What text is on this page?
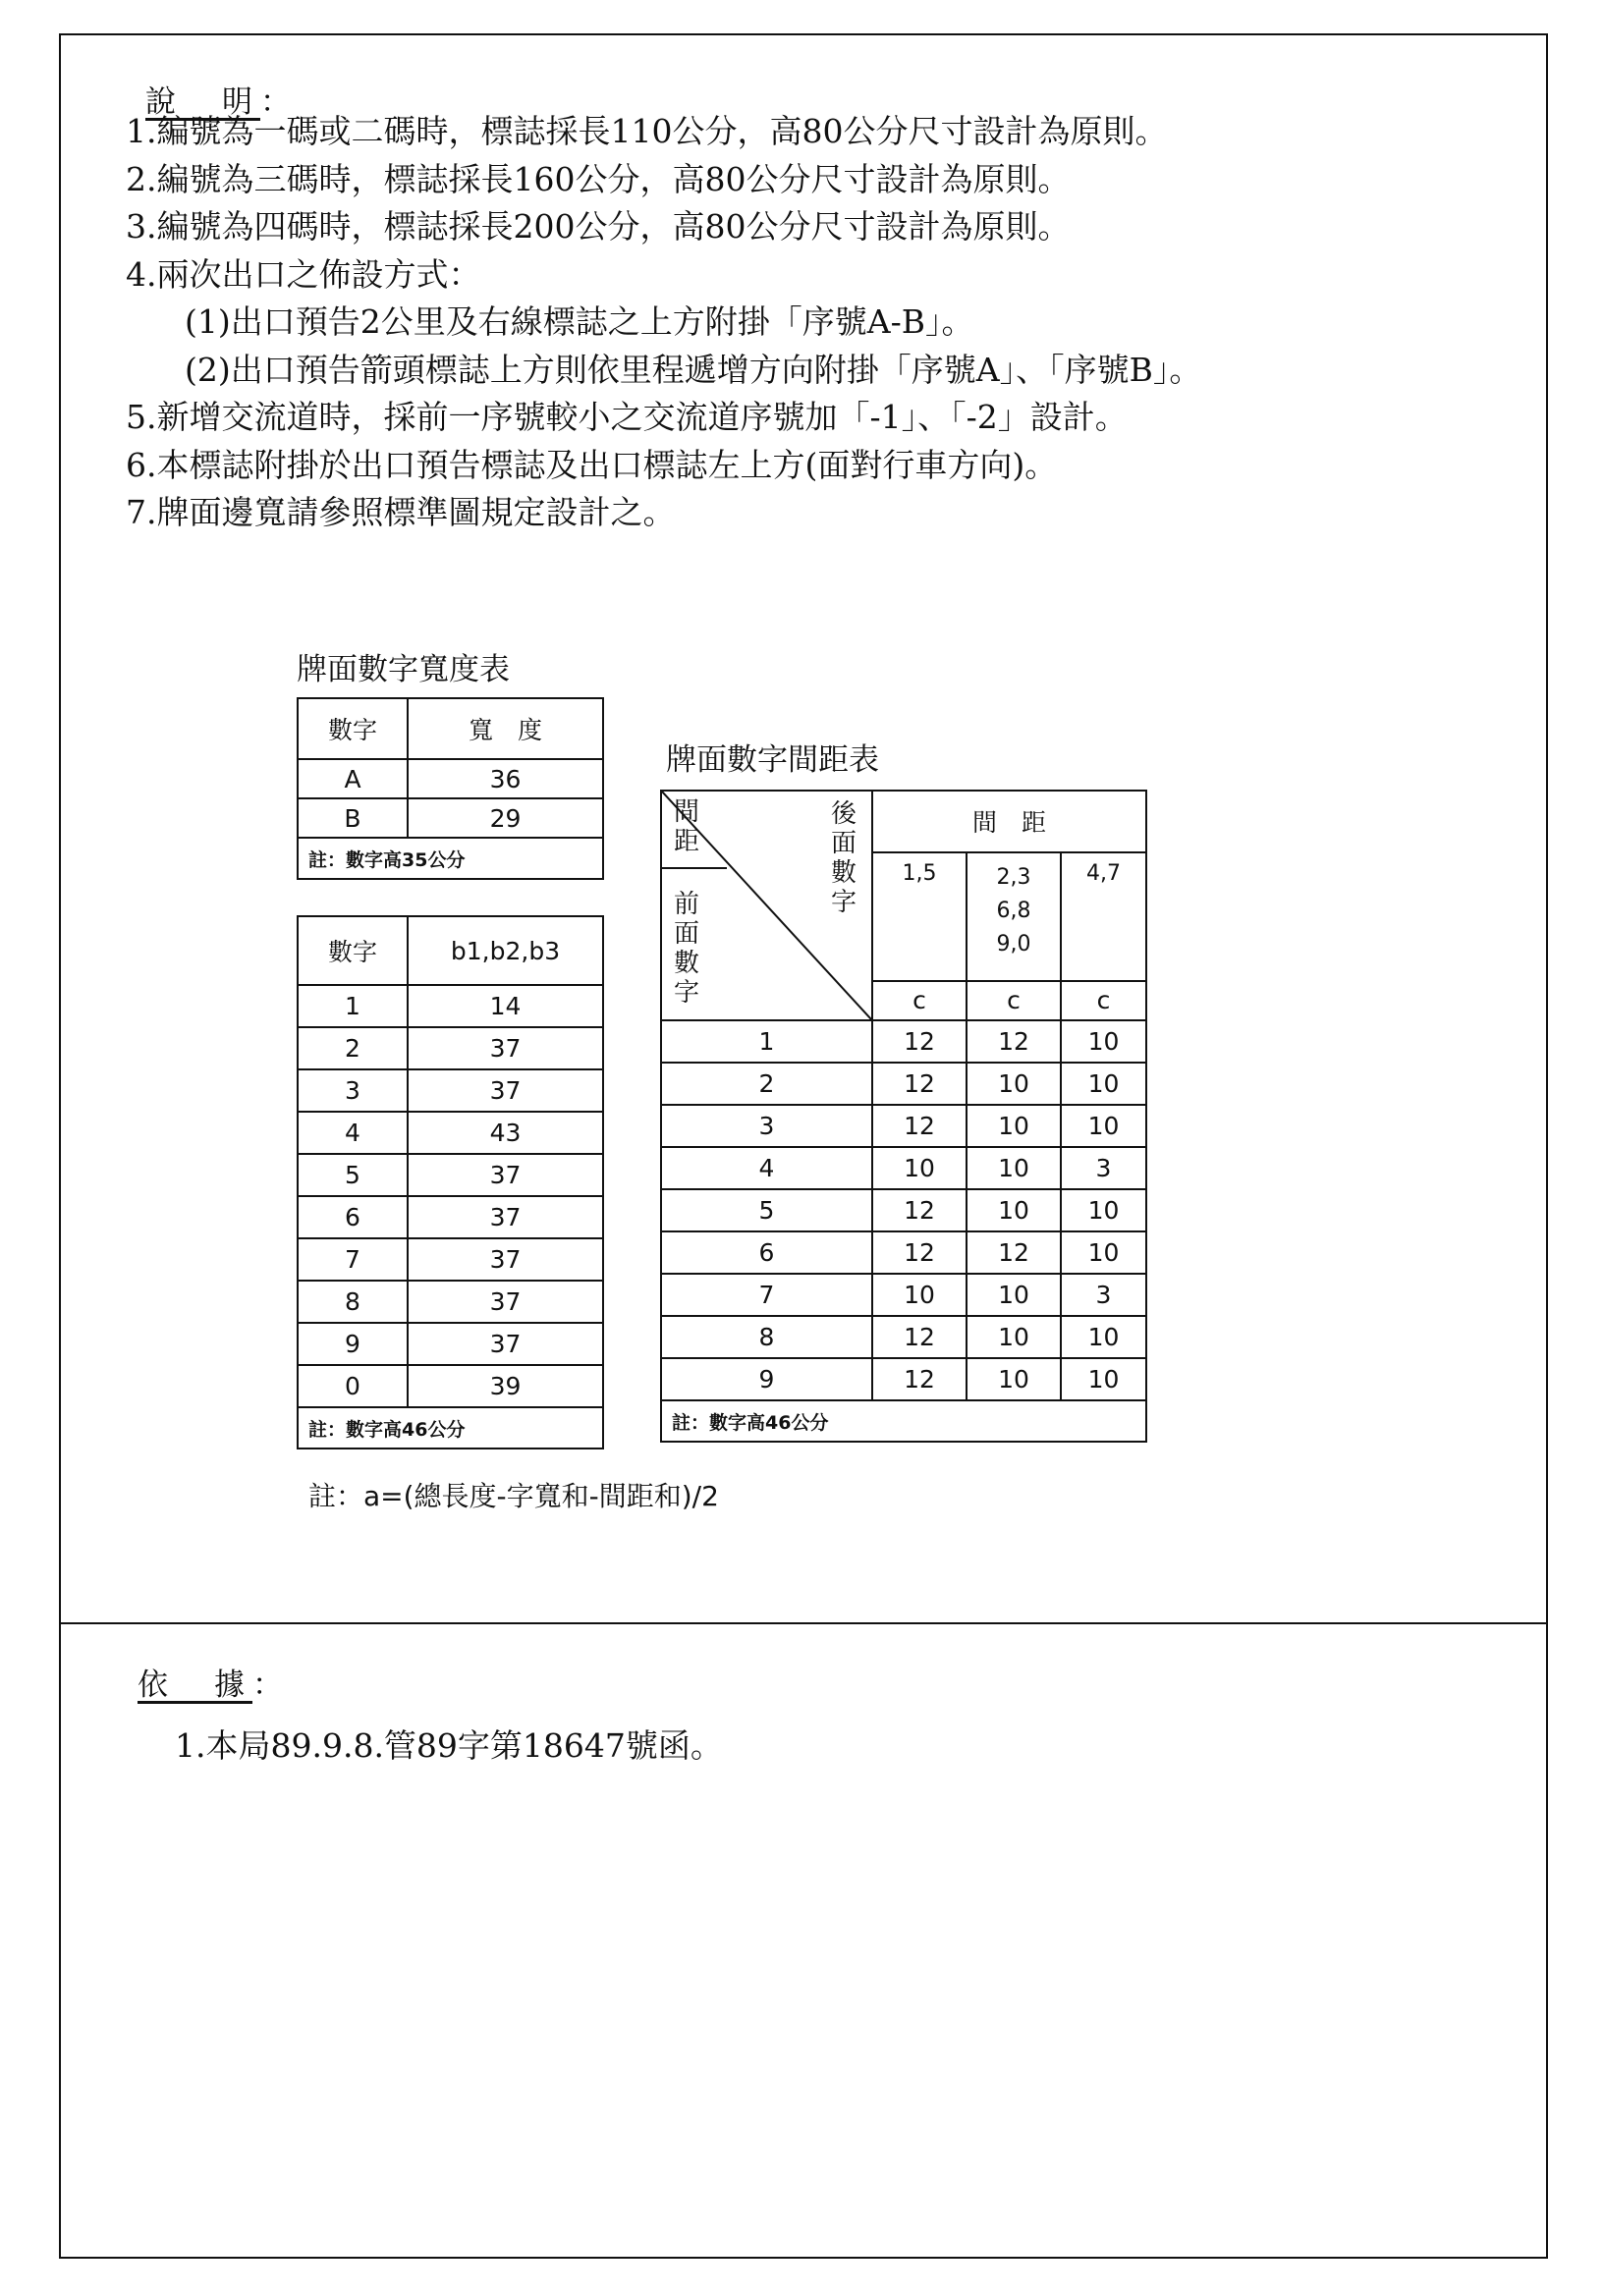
說　明：
1.編號為一碼或二碼時，標誌採長110公分，高80公分尺寸設計為原則。
2.編號為三碼時，標誌採長160公分，高80公分尺寸設計為原則。
3.編號為四碼時，標誌採長200公分，高80公分尺寸設計為原則。
4.兩次出口之佈設方式：
(1)出口預告2公里及右線標誌之上方附掛「序號A-B」。
(2)出口預告箭頭標誌上方則依里程遞增方向附掛「序號A」、「序號B」。
5.新增交流道時，採前一序號較小之交流道序號加「-1」、「-2」設計。
6.本標誌附掛於出口預告標誌及出口標誌左上方(面對行車方向)。
7.牌面邊寬請參照標準圖規定設計之。
牌面數字寬度表
數字	寬　度
A	36
B	29
註：數字高35公分	
數字	b1,b2,b3
1	14
2	37
3	37
4	43
5	37
6	37
7	37
8	37
9	37
0	39
註：數字高46公分	
牌面數字間距表
間距
後面數字
前面數字	間　距		
	1,5	2,3
6,8
9,0	4,7
	c	c	c
1	12	12	10
2	12	10	10
3	12	10	10
4	10	10	3
5	12	10	10
6	12	12	10
7	10	10	3
8	12	10	10
9	12	10	10
註：數字高46公分			
註：a=(總長度-字寬和-間距和)/2
依　據：
1.本局89.9.8.管89字第18647號函。
